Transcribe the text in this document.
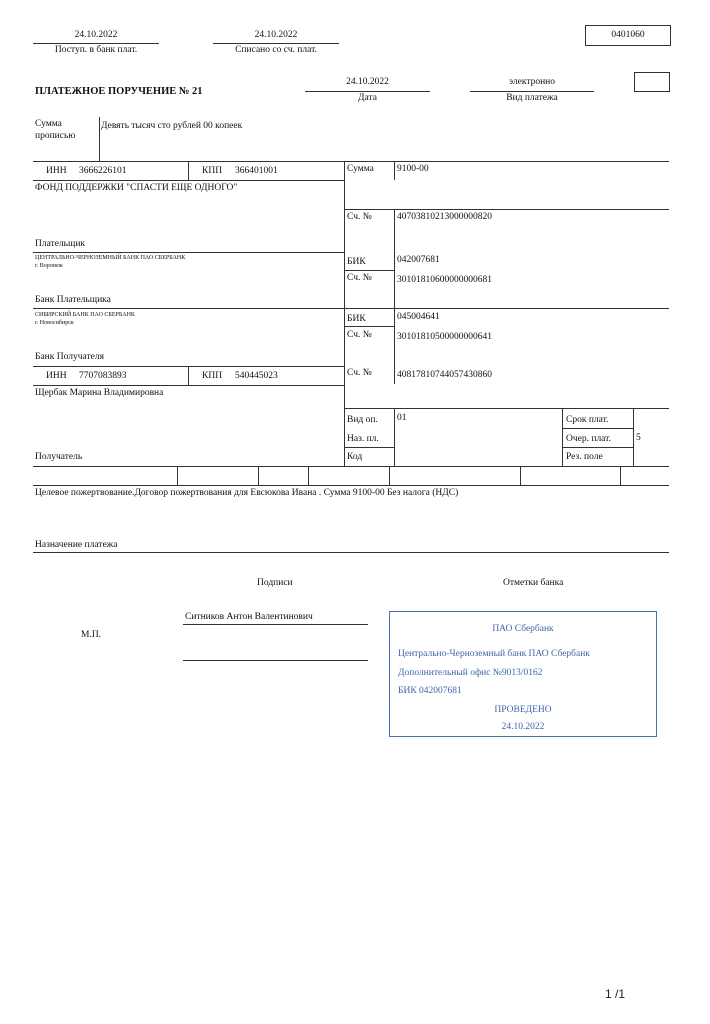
24.10.2022
Поступ. в банк плат.
24.10.2022
Списано со сч. плат.
0401060
ПЛАТЕЖНОЕ ПОРУЧЕНИЕ № 21
24.10.2022
Дата
электронно
Вид платежа
Сумма
прописью
Девять тысяч сто рублей 00 копеек
ИНН 3666226101	КПП 366401001
ФОНД ПОДДЕРЖКИ "СПАСТИ ЕЩЕ ОДНОГО"
Плательщик
Сумма 9100-00
Сч. №	40703810213000000820
ЦЕНТРАЛЬНО-ЧЕРНОЗЕМНЫЙ БАНК ПАО СБЕРБАНК
г. Воронеж
Банк Плательщика
БИК	042007681
Сч. №	30101810600000000681
СИБИРСКИЙ БАНК ПАО СБЕРБАНК
г. Новосибирск
Банк Получателя
БИК	045004641
Сч. №	30101810500000000641
ИНН 7707083893	КПП 540445023
Щербак Марина Владимировна
Получатель
Сч. №	40817810744057430860
Вид оп. 01
Наз. пл.
Код
Срок плат.
Очер. плат.	5
Рез. поле
Целевое пожертвование.Договор пожертвования для Евсюкова Ивана . Сумма 9100-00 Без налога (НДС)
Назначение платежа
Подписи	Отметки банка
Ситников Антон Валентинович
М.П.
ПАО Сбербанк
Центрально-Черноземный банк ПАО Сбербанк
Дополнительный офис №9013/0162
БИК 042007681
ПРОВЕДЕНО
24.10.2022
1 /1
